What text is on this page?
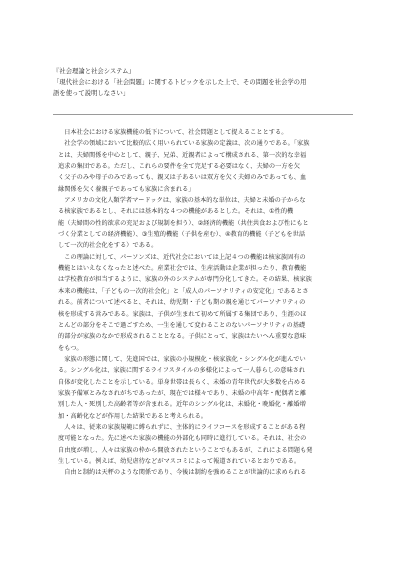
『社会理論と社会システム』
「現代社会における「社会問題」に関するトピックを示した上で、その問題を社会学の用
語を使って説明しなさい」
　日本社会における家族機能の低下について、社会問題として捉えることとする。
　社会学の領域において比較的広く用いられている家族の定義は、次の通りである。「家族
とは、夫婦関係を中心として、親子、兄弟、近親者によって構成される、第一次的な幸福
追求の集団である。ただし、これらの要件を全て完足する必要はなく、夫婦の一方を欠
く父子のみや母子のみであっても、親又は子あるいは双方を欠く夫婦のみであっても、血
縁関係を欠く養親子であっても家族に含まれる」
　アメリカの文化人類学者マードックは、家族の基本的な単位は、夫婦と未婚の子からな
る核家族であるとし、それには基本的な４つの機能があるとした。それは、①性的機
能（夫婦間の性的欲求の充足および規制を担う）、②経済的機能（共住共食および性にもと
づく分業としての経済機能）、③生殖的機能（子供を産む）、④教育的機能（子どもを世話
して一次的社会化をする）である。
　この理論に対して、パーソンズは、近代社会においては上記４つの機能は核家族固有の
機能とはいえなくなったと述べた。産業社会では、生産活動は企業が担ったり、教育機能
は学校教育が担当するように、家族の外のシステムが専門分化してきた。その結果、核家族
本来の機能は、「子どもの一次的社会化」と「成人のパーソナリティの安定化」であるとさ
れる。前者について述べると、それは、幼児期・子ども期の親を通じてパーソナリティの
核を形成する営みである。家族は、子供が生まれて初めて所属する集団であり、生涯のほ
とんどの部分をそこで過ごすため、一生を通して変わることのないパーソナリティの基礎
的部分が家族のなかで形成されることとなる。子供にとって、家族はたいへん重要な意味
をもつ。
　家族の形態に関して、先進国では、家族の小規模化・核家族化・シングル化が進んでい
る。シングル化は、家族に関するライフスタイルの多様化によって一人暮らしの意味され
自体が変化したことを示している。単身世帯は長らく、未婚の青年世代が大多数を占める
家族予備軍とみなされがちであったが、現在では様々であり、未婚の中高年・配偶者と離
別した人・死別した高齢者等が含まれる。近年のシングル化は、未婚化・晩婚化・離婚増
加・高齢化などが作用した結果であると考えられる。
　人々は、従来の家族規範に縛られずに、主体的にライフコースを形成することがある程
度可能となった。先に述べた家族の機能の外部化も同時に進行している。それは、社会の
自由度が増し、人々は家族の枠から開放されたということでもあるが、これによる問題も発
生している。例えば、幼児虐待などがマスコミによって報道されているとおりである。
　自由と制約は天秤のような関係であり、今後は制約を強めることが世論的に求められる
